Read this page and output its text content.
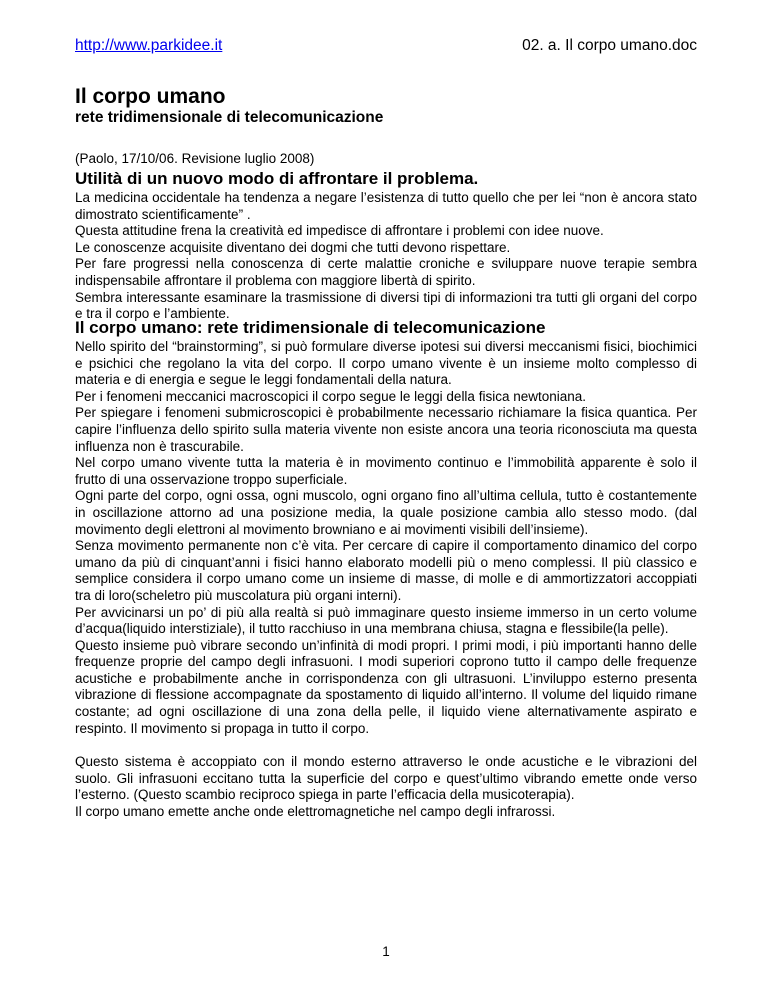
http://www.parkidee.it	02. a. Il corpo umano.doc
Il corpo umano
rete tridimensionale di telecomunicazione

(Paolo, 17/10/06. Revisione luglio 2008)

Utilità di un nuovo modo di affrontare il problema.

La medicina occidentale ha tendenza a negare l’esistenza di tutto quello che per lei “non è ancora stato dimostrato scientificamente” .

Questa attitudine frena la creatività ed impedisce di affrontare i problemi con idee nuove.

Le conoscenze acquisite diventano dei dogmi che tutti devono rispettare.

Per fare progressi nella conoscenza di certe malattie croniche e sviluppare nuove terapie sembra indispensabile affrontare il problema con maggiore libertà di spirito.

Sembra interessante esaminare la trasmissione di diversi tipi di informazioni tra tutti gli organi del corpo e tra il corpo e l’ambiente.

Il corpo umano: rete tridimensionale di telecomunicazione

Nello spirito del “brainstorming”, si può formulare diverse ipotesi sui diversi meccanismi fisici, biochimici e psichici che regolano la vita del corpo. Il corpo umano vivente è un insieme molto complesso di materia e di energia e segue le leggi fondamentali della natura.

Per i fenomeni meccanici macroscopici il corpo segue le leggi della fisica newtoniana.

Per spiegare i fenomeni submicroscopici è probabilmente necessario richiamare la fisica quantica. Per capire l’influenza dello spirito sulla materia vivente non esiste ancora una teoria riconosciuta ma questa influenza non è trascurabile.

Nel corpo umano vivente tutta la materia è in movimento continuo e l’immobilità apparente è solo il frutto di una osservazione troppo superficiale.

Ogni parte del corpo, ogni ossa, ogni muscolo, ogni organo fino all’ultima cellula, tutto è costantemente in oscillazione attorno ad una posizione media, la quale posizione cambia allo stesso modo. (dal movimento degli elettroni al movimento browniano e ai movimenti visibili dell’insieme).

Senza movimento permanente non c’è vita. Per cercare di capire il comportamento dinamico del corpo umano da più di cinquant’anni i fisici hanno elaborato modelli più o meno complessi. Il più classico e semplice considera il corpo umano come un insieme di masse, di molle e di ammortizzatori accoppiati tra di loro(scheletro più muscolatura più organi interni).

Per avvicinarsi un po’ di più alla realtà si può immaginare questo insieme immerso in un certo volume d’acqua(liquido interstiziale), il tutto racchiuso in una membrana chiusa, stagna e flessibile(la pelle).

Questo insieme può vibrare secondo un’infinità di modi propri. I primi modi, i più importanti hanno delle frequenze proprie del campo degli infrasuoni. I modi superiori coprono tutto il campo delle frequenze acustiche e probabilmente anche in corrispondenza con gli ultrasuoni. L’inviluppo esterno presenta vibrazione di flessione accompagnate da spostamento di liquido all’interno. Il volume del liquido rimane costante; ad ogni oscillazione di una zona della pelle, il liquido viene alternativamente aspirato e respinto. Il movimento si propaga in tutto il corpo.

Questo sistema è accoppiato con il mondo esterno attraverso le onde acustiche e le vibrazioni del suolo. Gli infrasuoni eccitano tutta la superficie del corpo e quest’ultimo vibrando emette onde verso l’esterno. (Questo scambio reciproco spiega in parte l’efficacia della musicoterapia).

Il corpo umano emette anche onde elettromagnetiche nel campo degli infrarossi.

1
